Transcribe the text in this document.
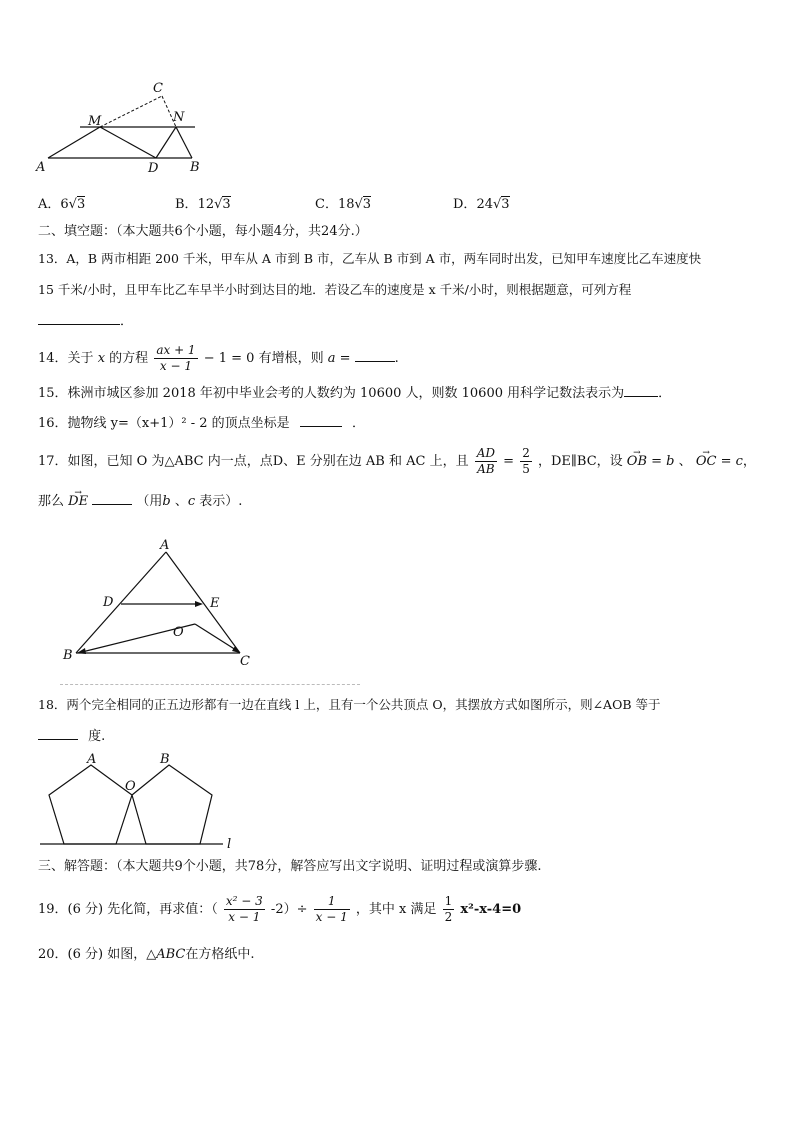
A	B
C
D
M	N
A．6√3	B．12√3	C．18√3	D．24√3
二、填空题：（本大题共6个小题，每小题4分，共24分.）
13．A，B 两市相距 200 千米，甲车从 A 市到 B 市，乙车从 B 市到 A 市，两车同时出发，已知甲车速度比乙车速度快
15 千米/小时，且甲车比乙车早半小时到达目的地．若设乙车的速度是 x 千米/小时，则根据题意，可列方程
．
14．关于 x 的方程 $\frac{ax + 1}{x - 1} - 1 = 0$ 有增根，则 a =	.
15．株洲市城区参加 2018 年初中毕业会考的人数约为 10600 人，则数 10600 用科学记数法表示为	．
16．抛物线 y=（x+1）² - 2 的顶点坐标是	．
17．如图，已知 O 为△ABC 内一点，点D、E 分别在边 AB 和 AC 上，且 $\frac{AD}{AB} = \frac{2}{5}$ ，DE∥BC，设 → OB = b 、 → OC = c，
那么 → DE	（用b 、c 表示）.
A
B	C
D	E
O
18．两个完全相同的正五边形都有一边在直线 l 上，且有一个公共顶点 O，其摆放方式如图所示，则∠AOB 等于
度.
A	B
O
l
三、解答题：（本大题共9个小题，共78分，解答应写出文字说明、证明过程或演算步骤.
19．(6 分) 先化简，再求值：（ $\frac{\text{x² − 3}}{x - 1} -2)\div \frac{1}{x - 1}$ ，其中 x 满足 $\frac{1}{2} x^2-x-4=0$
20．(6 分) 如图，△ABC在方格纸中.
